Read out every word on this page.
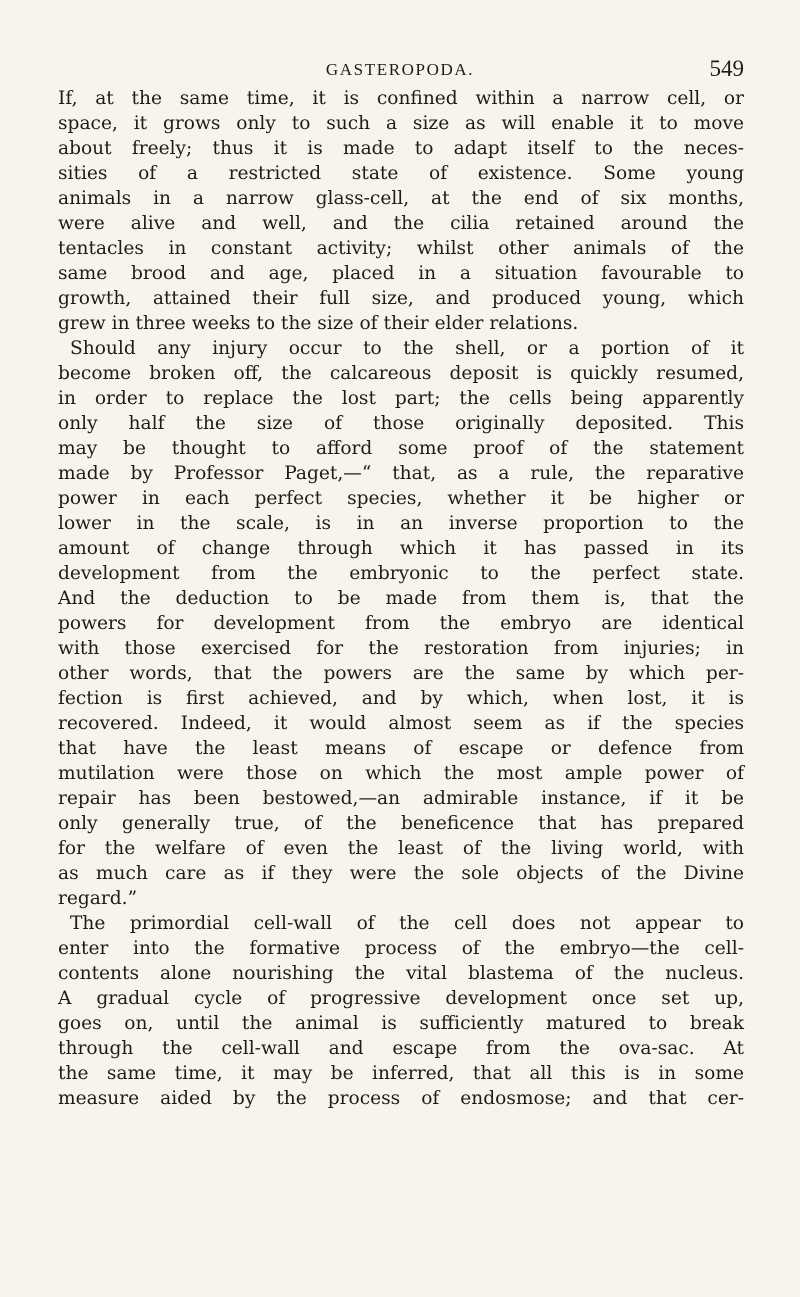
GASTEROPODA.	549

If, at the same time, it is confined within a narrow cell, or

space, it grows only to such a size as will enable it to move

about freely; thus it is made to adapt itself to the neces-

sities of a restricted state of existence. Some young

animals in a narrow glass-cell, at the end of six months,

were alive and well, and the cilia retained around the

tentacles in constant activity; whilst other animals of the

same brood and age, placed in a situation favourable to

growth, attained their full size, and produced young, which

grew in three weeks to the size of their elder relations.

Should any injury occur to the shell, or a portion of it

become broken off, the calcareous deposit is quickly resumed,

in order to replace the lost part; the cells being apparently

only half the size of those originally deposited. This

may be thought to afford some proof of the statement

made by Professor Paget,—“ that, as a rule, the reparative

power in each perfect species, whether it be higher or

lower in the scale, is in an inverse proportion to the

amount of change through which it has passed in its

development from the embryonic to the perfect state.

And the deduction to be made from them is, that the

powers for development from the embryo are identical

with those exercised for the restoration from injuries; in

other words, that the powers are the same by which per-

fection is first achieved, and by which, when lost, it is

recovered. Indeed, it would almost seem as if the species

that have the least means of escape or defence from

mutilation were those on which the most ample power of

repair has been bestowed,—an admirable instance, if it be

only generally true, of the beneficence that has prepared

for the welfare of even the least of the living world, with

as much care as if they were the sole objects of the Divine

regard.”

The primordial cell-wall of the cell does not appear to

enter into the formative process of the embryo—the cell-

contents alone nourishing the vital blastema of the nucleus.

A gradual cycle of progressive development once set up,

goes on, until the animal is sufficiently matured to break

through the cell-wall and escape from the ova-sac. At

the same time, it may be inferred, that all this is in some

measure aided by the process of endosmose; and that cer-
